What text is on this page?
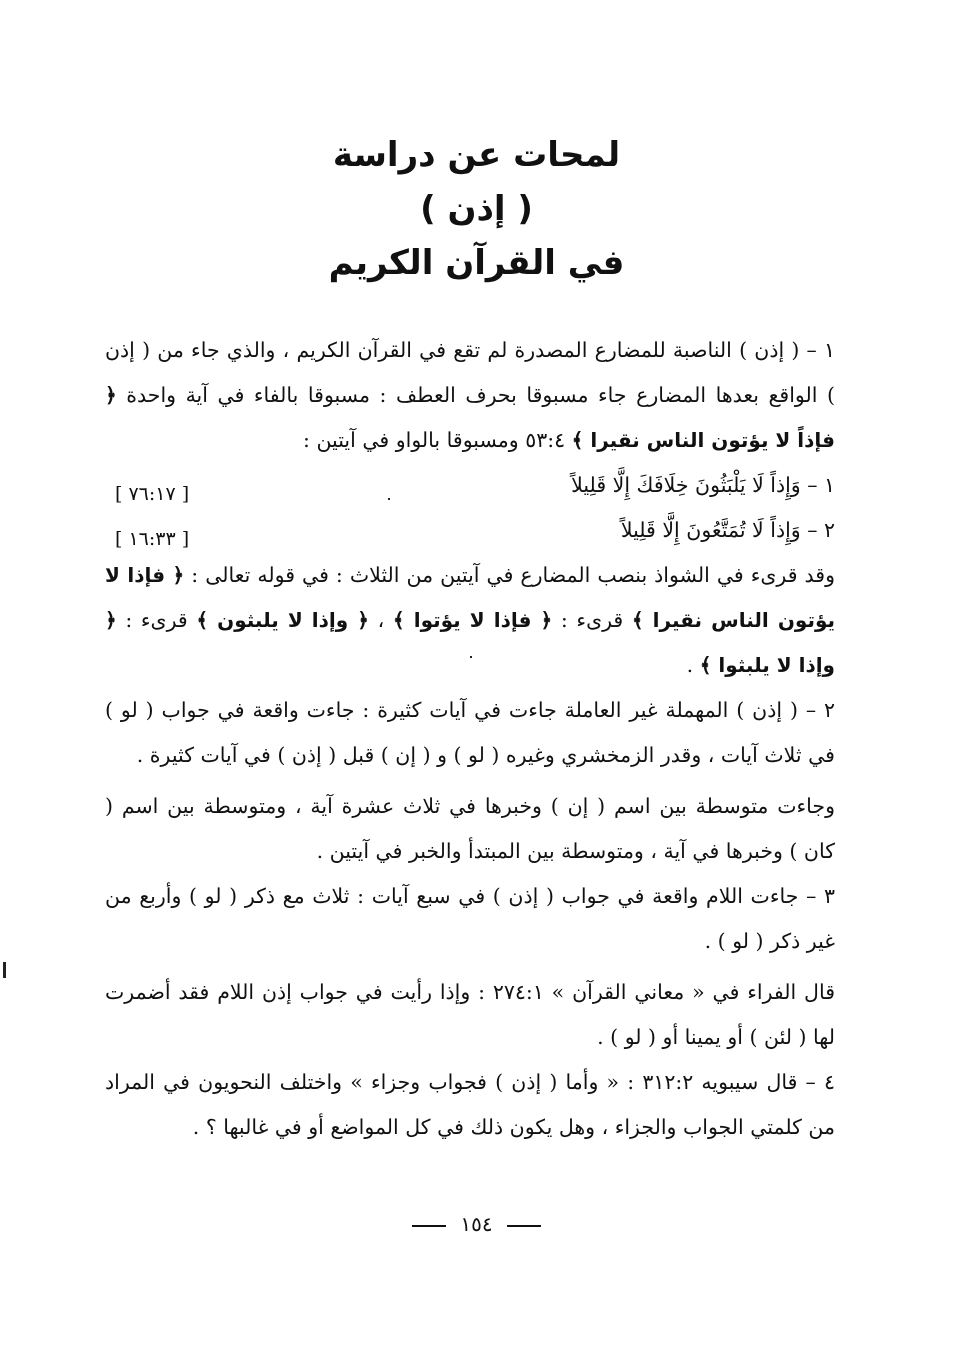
لمحات عن دراسة
( إذن )
في القرآن الكريم

١ – ( إذن ) الناصبة للمضارع المصدرة لم تقع في القرآن الكريم ، والذي جاء من ( إذن ) الواقع بعدها المضارع جاء مسبوقا بحرف العطف : مسبوقا بالفاء في آية واحدة ﴿ فإذاً لا يؤتون الناس نقيرا ﴾ ٥٣:٤ ومسبوقا بالواو في آيتين :

١ – وَإِذاً لَا يَلْبَثُونَ خِلَافَكَ إِلَّا قَلِيلاً
[ ٧٦:١٧ ]
٢ – وَإِذاً لَا تُمَتَّعُونَ إِلَّا قَلِيلاً
[ ١٦:٣٣ ]

وقد قرىء في الشواذ بنصب المضارع في آيتين من الثلاث : في قوله تعالى : ﴿ فإذا لا يؤتون الناس نقيرا ﴾ قرىء : ﴿ فإذا لا يؤتوا ﴾ ، ﴿ وإذا لا يلبثون ﴾ قرىء : ﴿ وإذا لا يلبثوا ﴾ .

٢ – ( إذن ) المهملة غير العاملة جاءت في آيات كثيرة : جاءت واقعة في جواب ( لو ) في ثلاث آيات ، وقدر الزمخشري وغيره ( لو ) و ( إن ) قبل ( إذن ) في آيات كثيرة .

وجاءت متوسطة بين اسم ( إن ) وخبرها في ثلاث عشرة آية ، ومتوسطة بين اسم ( كان ) وخبرها في آية ، ومتوسطة بين المبتدأ والخبر في آيتين .

٣ – جاءت اللام واقعة في جواب ( إذن ) في سبع آيات : ثلاث مع ذكر ( لو ) وأربع من غير ذكر ( لو ) .

قال الفراء في « معاني القرآن » ٢٧٤:١ : وإذا رأيت في جواب إذن اللام فقد أضمرت لها ( لئن ) أو يمينا أو ( لو ) .

٤ – قال سيبويه ٣١٢:٢ : « وأما ( إذن ) فجواب وجزاء » واختلف النحويون في المراد من كلمتي الجواب والجزاء ، وهل يكون ذلك في كل المواضع أو في غالبها ؟ .

١٥٤
